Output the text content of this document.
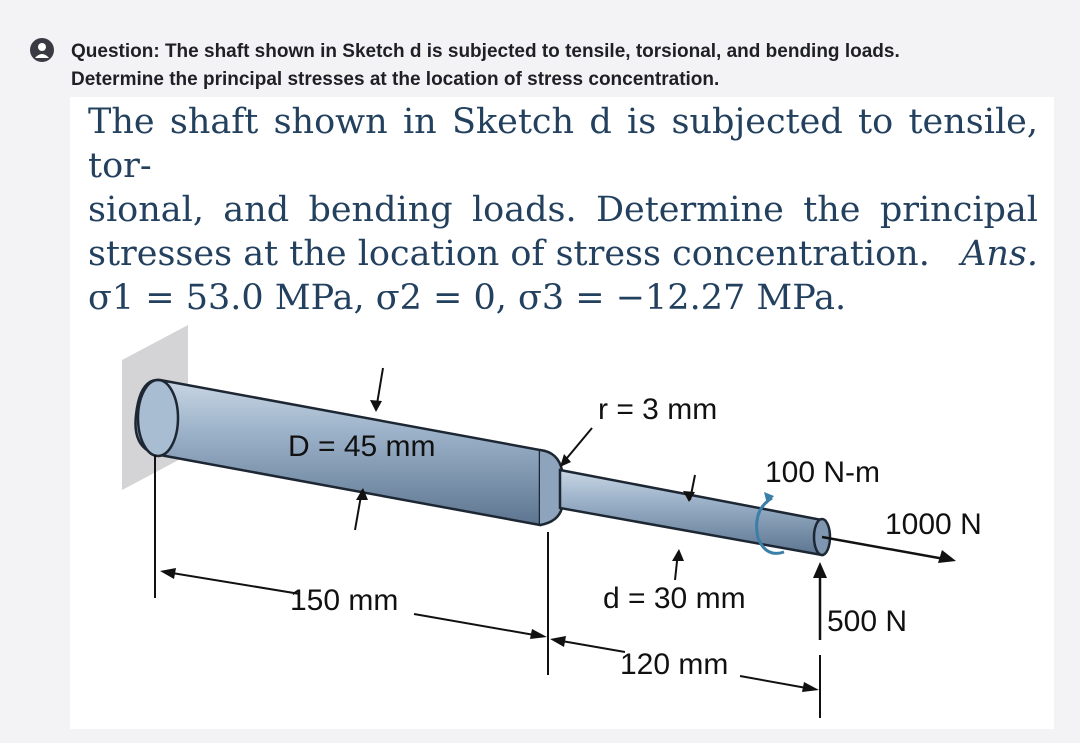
Question: The shaft shown in Sketch d is subjected to tensile, torsional, and bending loads.
Determine the principal stresses at the location of stress concentration.
The shaft shown in Sketch d is subjected to tensile, tor-
sional, and bending loads. Determine the principal
stresses at the location of stress concentration. Ans.
σ1 = 53.0 MPa, σ2 = 0, σ3 = −12.27 MPa.
D = 45 mm
r = 3 mm
100 N-m
1000 N
d = 30 mm
150 mm
500 N
120 mm
